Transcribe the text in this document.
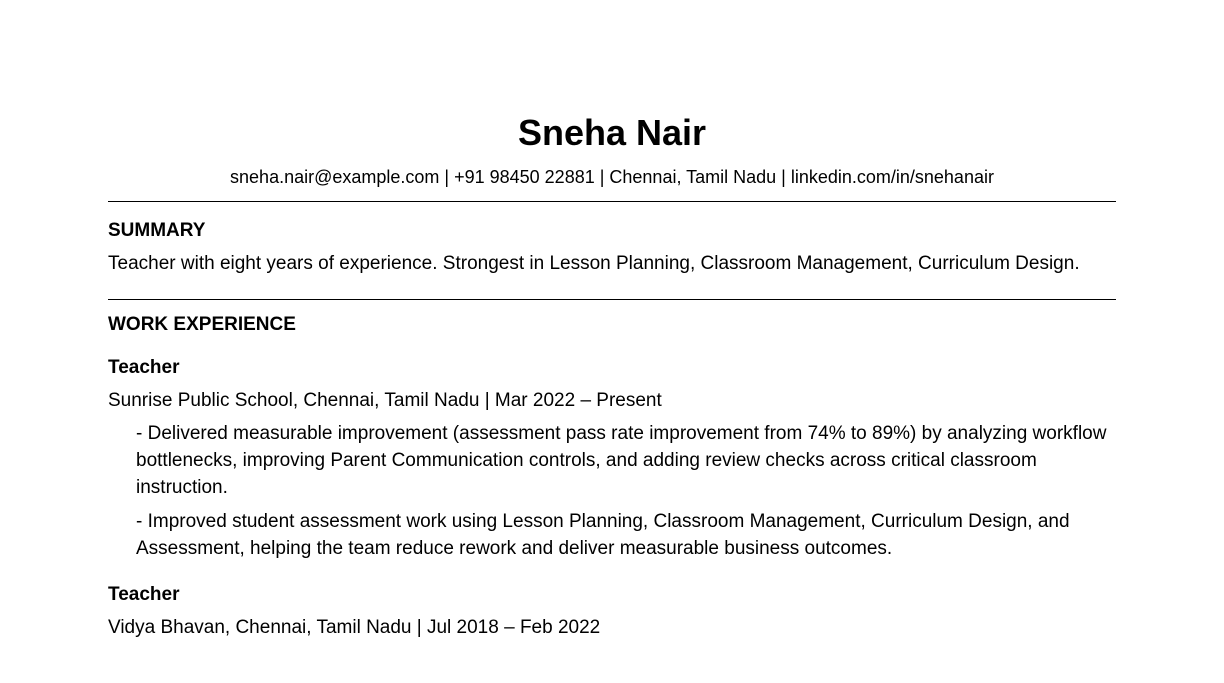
Sneha Nair
sneha.nair@example.com | +91 98450 22881 | Chennai, Tamil Nadu | linkedin.com/in/snehanair
SUMMARY
Teacher with eight years of experience. Strongest in Lesson Planning, Classroom Management, Curriculum Design.
WORK EXPERIENCE
Teacher
Sunrise Public School, Chennai, Tamil Nadu | Mar 2022 – Present
- Delivered measurable improvement (assessment pass rate improvement from 74% to 89%) by analyzing workflow bottlenecks, improving Parent Communication controls, and adding review checks across critical classroom instruction.
- Improved student assessment work using Lesson Planning, Classroom Management, Curriculum Design, and Assessment, helping the team reduce rework and deliver measurable business outcomes.
Teacher
Vidya Bhavan, Chennai, Tamil Nadu | Jul 2018 – Feb 2022
